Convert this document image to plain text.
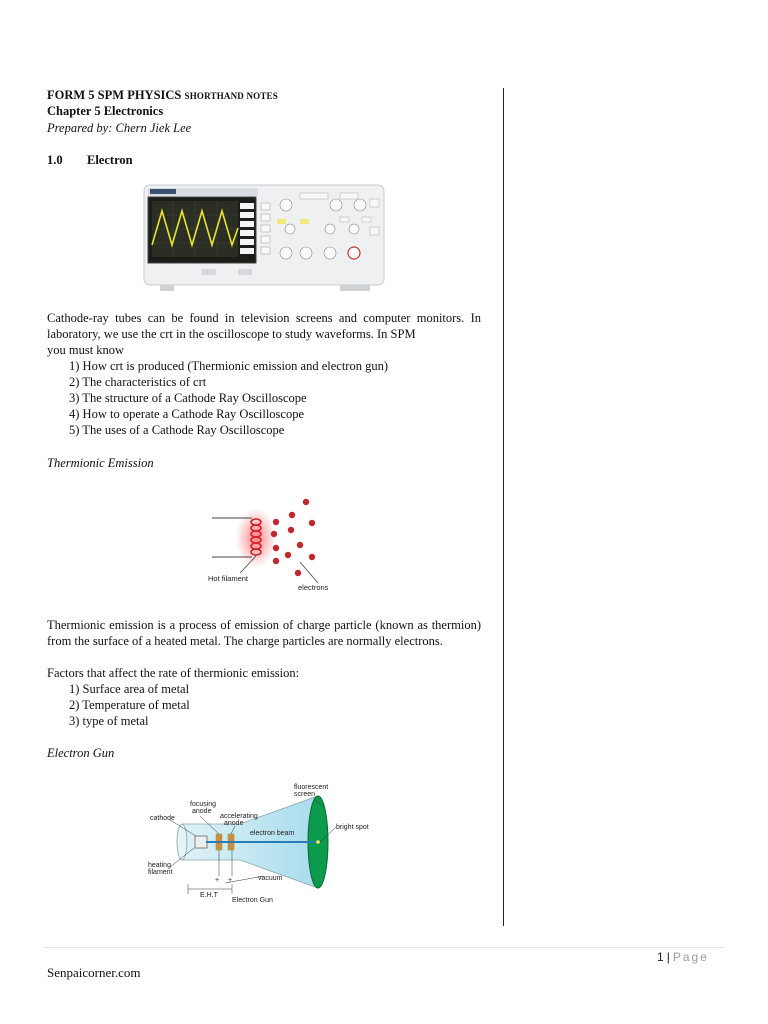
FORM 5 SPM PHYSICS SHORTHAND NOTES
Chapter 5 Electronics
Prepared by: Chern Jiek Lee
1.0 Electron
Cathode-ray tubes can be found in television screens and computer monitors. In
laboratory, we use the crt in the oscilloscope to study waveforms. In SPM
you must know
1) How crt is produced (Thermionic emission and electron gun)
2) The characteristics of crt
3) The structure of a Cathode Ray Oscilloscope
4) How to operate a Cathode Ray Oscilloscope
5) The uses of a Cathode Ray Oscilloscope
Thermionic Emission
Hot filament
electrons
Thermionic emission is a process of emission of charge particle (known as thermion)
from the surface of a heated metal. The charge particles are normally electrons.
Factors that affect the rate of thermionic emission:
1) Surface area of metal
2) Temperature of metal
3) type of metal
Electron Gun
fluorescent
screen
focusing
anode
accelerating
anode
cathode
electron beam
bright spot
heating
filament
vacuum
+ +
E.H.T
Electron Gun
1 | Page
Senpaicorner.com
